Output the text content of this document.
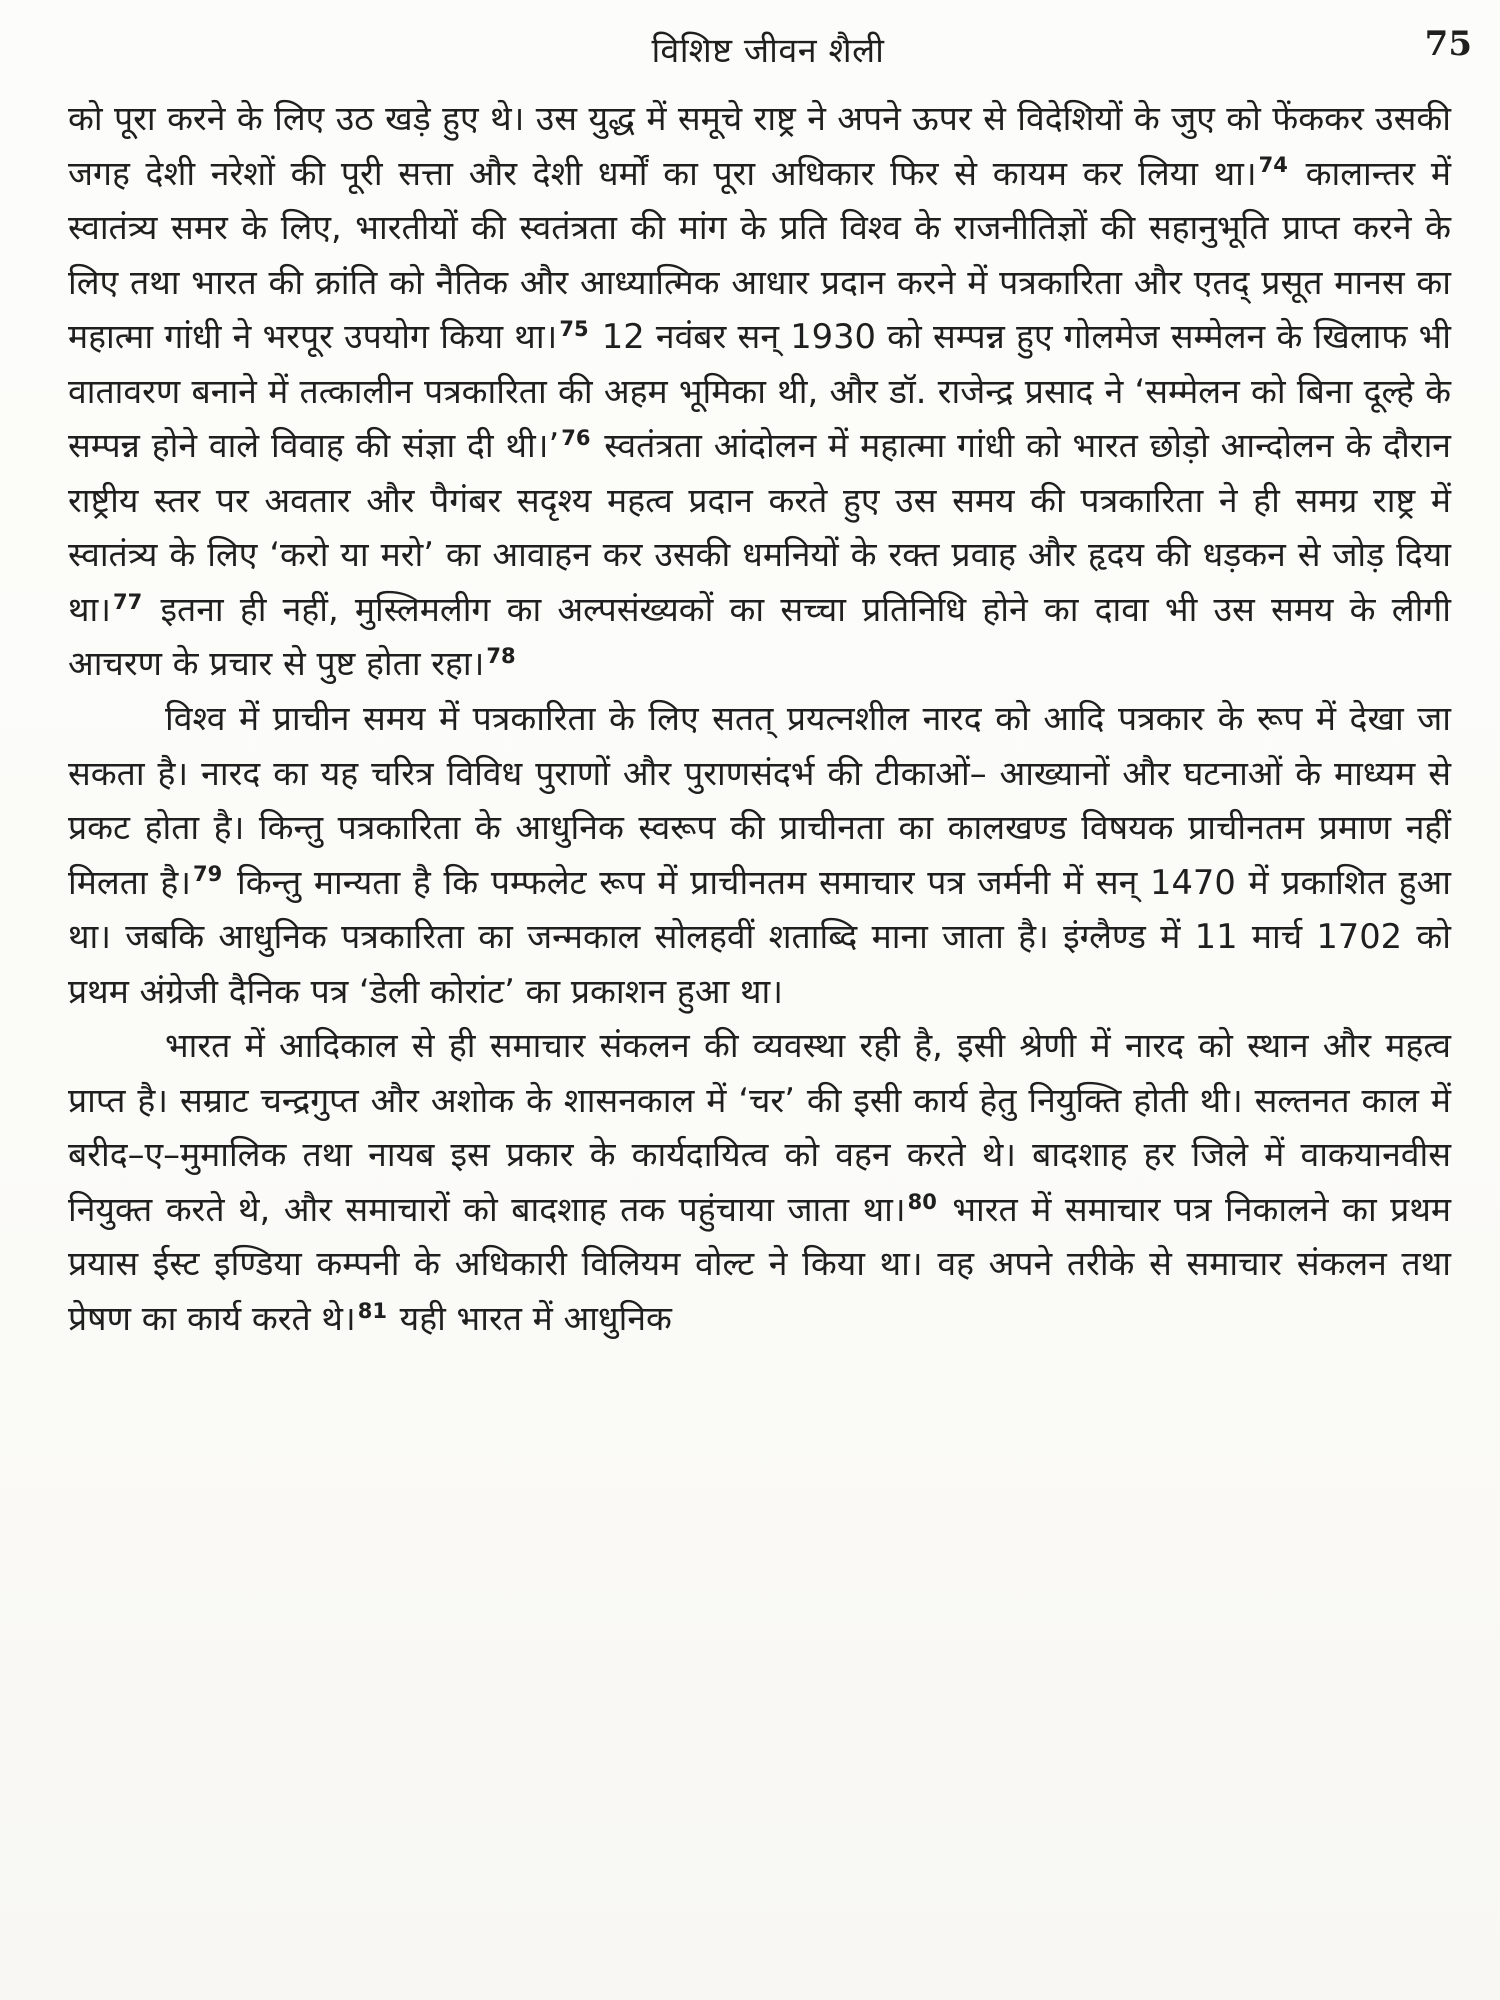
विशिष्ट जीवन शैली	75

को पूरा करने के लिए उठ खड़े हुए थे। उस युद्ध में समूचे राष्ट्र ने अपने ऊपर से विदेशियों के जुए को फेंककर उसकी जगह देशी नरेशों की पूरी सत्ता और देशी धर्मों का पूरा अधिकार फिर से कायम कर लिया था।$^{74}$ कालान्तर में स्वातंत्र्य समर के लिए, भारतीयों की स्वतंत्रता की मांग के प्रति विश्व के राजनीतिज्ञों की सहानुभूति प्राप्त करने के लिए तथा भारत की क्रांति को नैतिक और आध्यात्मिक आधार प्रदान करने में पत्रकारिता और एतद् प्रसूत मानस का महात्मा गांधी ने भरपूर उपयोग किया था।$^{75}$ 12 नवंबर सन् 1930 को सम्पन्न हुए गोलमेज सम्मेलन के खिलाफ भी वातावरण बनाने में तत्कालीन पत्रकारिता की अहम भूमिका थी, और डॉ. राजेन्द्र प्रसाद ने ‘सम्मेलन को बिना दूल्हे के सम्पन्न होने वाले विवाह की संज्ञा दी थी।’$^{76}$ स्वतंत्रता आंदोलन में महात्मा गांधी को भारत छोड़ो आन्दोलन के दौरान राष्ट्रीय स्तर पर अवतार और पैगंबर सदृश्य महत्व प्रदान करते हुए उस समय की पत्रकारिता ने ही समग्र राष्ट्र में स्वातंत्र्य के लिए ‘करो या मरो’ का आवाहन कर उसकी धमनियों के रक्त प्रवाह और हृदय की धड़कन से जोड़ दिया था।$^{77}$ इतना ही नहीं, मुस्लिमलीग का अल्पसंख्यकों का सच्चा प्रतिनिधि होने का दावा भी उस समय के लीगी आचरण के प्रचार से पुष्ट होता रहा।$^{78}$

विश्व में प्राचीन समय में पत्रकारिता के लिए सतत् प्रयत्नशील नारद को आदि पत्रकार के रूप में देखा जा सकता है। नारद का यह चरित्र विविध पुराणों और पुराणसंदर्भ की टीकाओं– आख्यानों और घटनाओं के माध्यम से प्रकट होता है। किन्तु पत्रकारिता के आधुनिक स्वरूप की प्राचीनता का कालखण्ड विषयक प्राचीनतम प्रमाण नहीं मिलता है।$^{79}$ किन्तु मान्यता है कि पम्फलेट रूप में प्राचीनतम समाचार पत्र जर्मनी में सन् 1470 में प्रकाशित हुआ था। जबकि आधुनिक पत्रकारिता का जन्मकाल सोलहवीं शताब्दि माना जाता है। इंग्लैण्ड में 11 मार्च 1702 को प्रथम अंग्रेजी दैनिक पत्र ‘डेली कोरांट’ का प्रकाशन हुआ था।

भारत में आदिकाल से ही समाचार संकलन की व्यवस्था रही है, इसी श्रेणी में नारद को स्थान और महत्व प्राप्त है। सम्राट चन्द्रगुप्त और अशोक के शासनकाल में ‘चर’ की इसी कार्य हेतु नियुक्ति होती थी। सल्तनत काल में बरीद–ए–मुमालिक तथा नायब इस प्रकार के कार्यदायित्व को वहन करते थे। बादशाह हर जिले में वाकयानवीस नियुक्त करते थे, और समाचारों को बादशाह तक पहुंचाया जाता था।$^{80}$ भारत में समाचार पत्र निकालने का प्रथम प्रयास ईस्ट इण्डिया कम्पनी के अधिकारी विलियम वोल्ट ने किया था। वह अपने तरीके से समाचार संकलन तथा प्रेषण का कार्य करते थे।$^{81}$ यही भारत में आधुनिक
